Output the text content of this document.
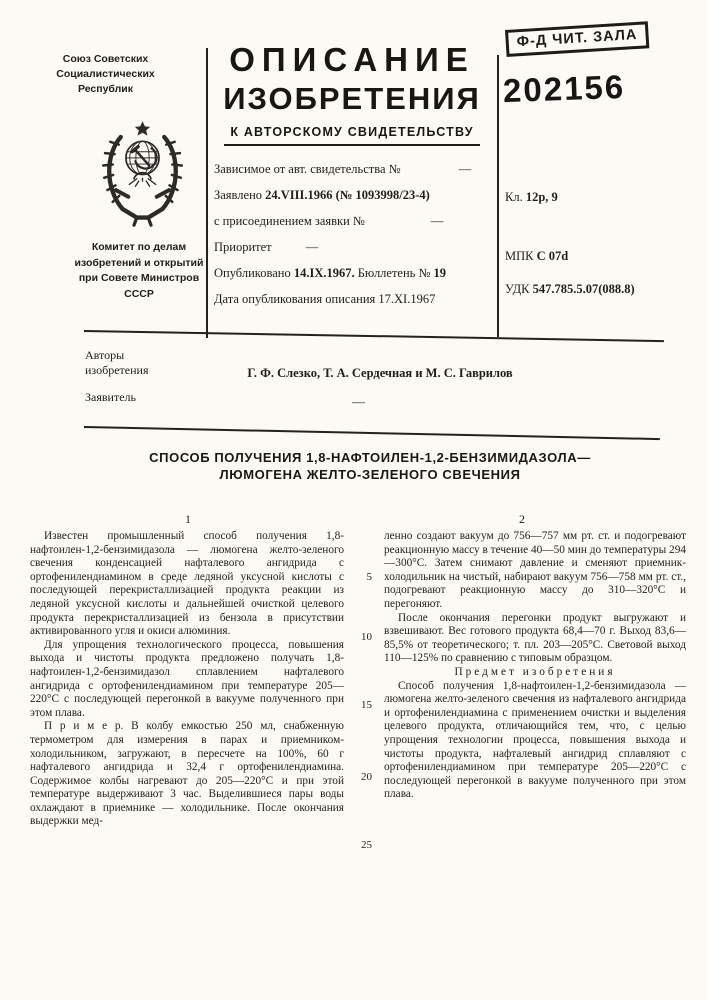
Союз Советских
Социалистических
Республик
Комитет по делам
изобретений и открытий
при Совете Министров
СССР
ОПИСАНИЕ
ИЗОБРЕТЕНИЯ
К АВТОРСКОМУ СВИДЕТЕЛЬСТВУ
Ф-Д ЧИТ. ЗАЛА
202156
Зависимое от авт. свидетельства №	—
Заявлено 24.VIII.1966 (№ 1093998/23-4)
с присоединением заявки №	—
Приоритет	—
Опубликовано 14.IX.1967. Бюллетень № 19
Дата опубликования описания 17.XI.1967
Кл. 12p, 9
МПК C 07d
УДК 547.785.5.07(088.8)
Авторы
изобретения	Г. Ф. Слезко, Т. А. Сердечная и М. С. Гаврилов
Заявитель	—
СПОСОБ ПОЛУЧЕНИЯ 1,8-НАФТОИЛЕН-1,2-БЕНЗИМИДАЗОЛА—
ЛЮМОГЕНА ЖЕЛТО-ЗЕЛЕНОГО СВЕЧЕНИЯ
1	2
5
10
15
20
25

Известен промышленный способ получения 1,8-нафтоилен-1,2-бензимидазола — люмогена желто-зеленого свечения конденсацией нафталевого ангидрида с ортофенилендиамином в среде ледяной уксусной кислоты с последующей перекристаллизацией продукта реакции из ледяной уксусной кислоты и дальнейшей очисткой целевого продукта перекристаллизацией из бензола в присутствии активированного угля и окиси алюминия.

Для упрощения технологического процесса, повышения выхода и чистоты продукта предложено получать 1,8-нафтоилен-1,2-бензимидазол сплавлением нафталевого ангидрида с ортофенилендиамином при температуре 205—220°С с последующей перегонкой в вакууме полученного при этом плава.

П р и м е р. В колбу емкостью 250 мл, снабженную термометром для измерения в парах и приемником-холодильником, загружают, в пересчете на 100%, 60 г нафталевого ангидрида и 32,4 г ортофенилендиамина. Содержимое колбы нагревают до 205—220°С и при этой температуре выдерживают 3 час. Выделившиеся пары воды охлаждают в приемнике — холодильнике. После окончания выдержки мед-

ленно создают вакуум до 756—757 мм рт. ст. и подогревают реакционную массу в течение 40—50 мин до температуры 294—300°С. Затем снимают давление и сменяют приемник-холодильник на чистый, набирают вакуум 756—758 мм рт. ст., подогревают реакционную массу до 310—320°С и перегоняют.

После окончания перегонки продукт выгружают и взвешивают. Вес готового продукта 68,4—70 г. Выход 83,6—85,5% от теоретического; т. пл. 203—205°С. Световой выход 110—125% по сравнению с типовым образцом.

Предмет изобретения

Способ получения 1,8-нафтоилен-1,2-бензимидазола — люмогена желто-зеленого свечения из нафталевого ангидрида и ортофенилендиамина с применением очистки и выделения целевого продукта, отличающийся тем, что, с целью упрощения технологии процесса, повышения выхода и чистоты продукта, нафталевый ангидрид сплавляют с ортофенилендиамином при температуре 205—220°С с последующей перегонкой в вакууме полученного при этом плава.
